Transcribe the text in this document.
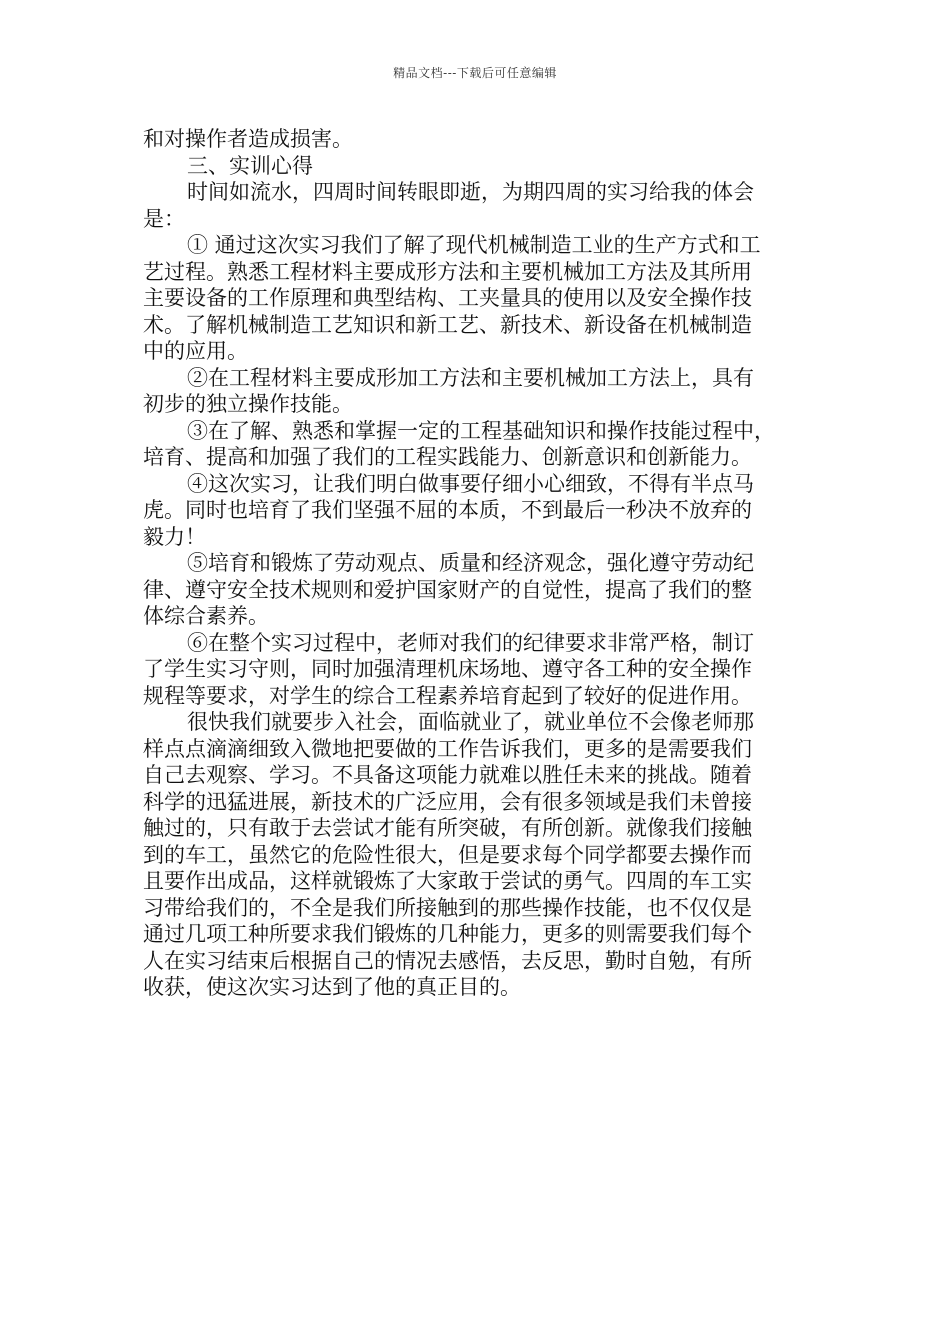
精品文档---下载后可任意编辑
和对操作者造成损害。
三、实训心得
时间如流水，四周时间转眼即逝，为期四周的实习给我的体会
是：
① 通过这次实习我们了解了现代机械制造工业的生产方式和工
艺过程。熟悉工程材料主要成形方法和主要机械加工方法及其所用
主要设备的工作原理和典型结构、工夹量具的使用以及安全操作技
术。了解机械制造工艺知识和新工艺、新技术、新设备在机械制造
中的应用。
②在工程材料主要成形加工方法和主要机械加工方法上，具有
初步的独立操作技能。
③在了解、熟悉和掌握一定的工程基础知识和操作技能过程中，
培育、提高和加强了我们的工程实践能力、创新意识和创新能力。
④这次实习，让我们明白做事要仔细小心细致，不得有半点马
虎。同时也培育了我们坚强不屈的本质，不到最后一秒决不放弃的
毅力！
⑤培育和锻炼了劳动观点、质量和经济观念，强化遵守劳动纪
律、遵守安全技术规则和爱护国家财产的自觉性，提高了我们的整
体综合素养。
⑥在整个实习过程中，老师对我们的纪律要求非常严格，制订
了学生实习守则，同时加强清理机床场地、遵守各工种的安全操作
规程等要求，对学生的综合工程素养培育起到了较好的促进作用。
很快我们就要步入社会，面临就业了，就业单位不会像老师那
样点点滴滴细致入微地把要做的工作告诉我们，更多的是需要我们
自己去观察、学习。不具备这项能力就难以胜任未来的挑战。随着
科学的迅猛进展，新技术的广泛应用，会有很多领域是我们未曾接
触过的，只有敢于去尝试才能有所突破，有所创新。就像我们接触
到的车工，虽然它的危险性很大，但是要求每个同学都要去操作而
且要作出成品，这样就锻炼了大家敢于尝试的勇气。四周的车工实
习带给我们的，不全是我们所接触到的那些操作技能，也不仅仅是
通过几项工种所要求我们锻炼的几种能力，更多的则需要我们每个
人在实习结束后根据自己的情况去感悟，去反思，勤时自勉，有所
收获，使这次实习达到了他的真正目的。
